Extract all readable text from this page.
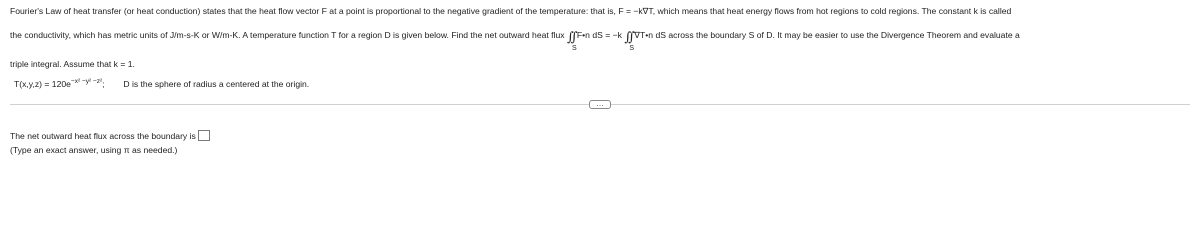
Fourier's Law of heat transfer (or heat conduction) states that the heat flow vector F at a point is proportional to the negative gradient of the temperature: that is, F = −k∇T, which means that heat energy flows from hot regions to cold regions. The constant k is called
the conductivity, which has metric units of J/m-s-K or W/m-K. A temperature function T for a region D is given below. Find the net outward heat flux ∫∫
S
F•n dS = −k ∫∫
S
∇T•n dS across the boundary S of D. It may be easier to use the Divergence Theorem and evaluate a
triple integral. Assume that k = 1.
$T(x,y,z) = 120e^{-x^2 -y^2 -z^2}$; D is the sphere of radius a centered at the origin.
…
The net outward heat flux across the boundary is
(Type an exact answer, using π as needed.)
